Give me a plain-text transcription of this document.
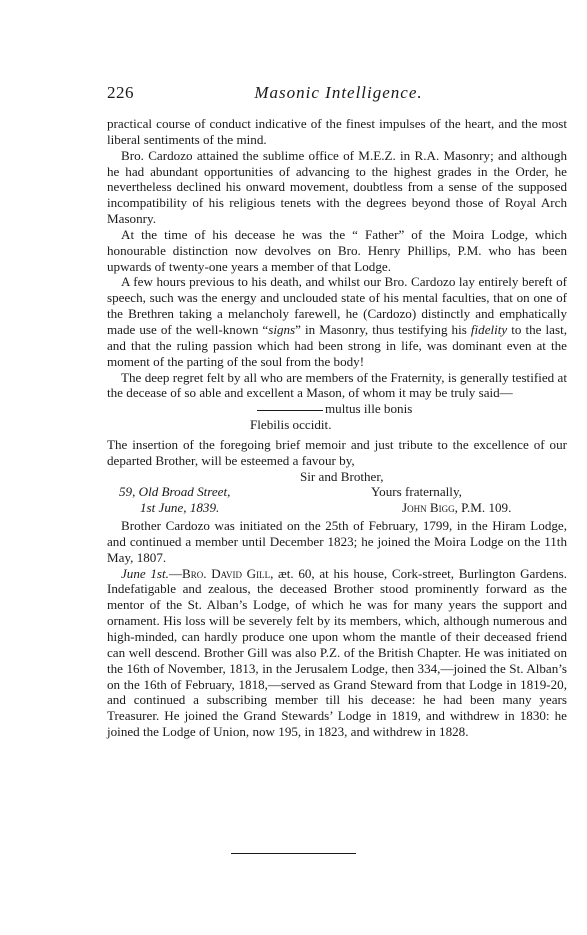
226	Masonic Intelligence.

practical course of conduct indicative of the finest impulses of the heart, and the most liberal sentiments of the mind.

Bro. Cardozo attained the sublime office of M.E.Z. in R.A. Masonry; and although he had abundant opportunities of advancing to the highest grades in the Order, he nevertheless declined his onward movement, doubtless from a sense of the supposed incompatibility of his religious tenets with the degrees beyond those of Royal Arch Masonry.

At the time of his decease he was the “ Father” of the Moira Lodge, which honourable distinction now devolves on Bro. Henry Phillips, P.M. who has been upwards of twenty-one years a member of that Lodge.

A few hours previous to his death, and whilst our Bro. Cardozo lay entirely bereft of speech, such was the energy and unclouded state of his mental faculties, that on one of the Brethren taking a melancholy farewell, he (Cardozo) distinctly and emphatically made use of the well-known “signs” in Masonry, thus testifying his fidelity to the last, and that the ruling passion which had been strong in life, was dominant even at the moment of the parting of the soul from the body!

The deep regret felt by all who are members of the Fraternity, is generally testified at the decease of so able and excellent a Mason, of whom it may be truly said—

multus ille bonis
Flebilis occidit.

The insertion of the foregoing brief memoir and just tribute to the excellence of our departed Brother, will be esteemed a favour by,

Sir and Brother,
59, Old Broad Street,	Yours fraternally,
1st June, 1839.	John Bigg, P.M. 109.

Brother Cardozo was initiated on the 25th of February, 1799, in the Hiram Lodge, and continued a member until December 1823; he joined the Moira Lodge on the 11th May, 1807.

June 1st.—Bro. David Gill, æt. 60, at his house, Cork-street, Burlington Gardens. Indefatigable and zealous, the deceased Brother stood prominently forward as the mentor of the St. Alban’s Lodge, of which he was for many years the support and ornament. His loss will be severely felt by its members, which, although numerous and high-minded, can hardly produce one upon whom the mantle of their deceased friend can well descend. Brother Gill was also P.Z. of the British Chapter. He was initiated on the 16th of November, 1813, in the Jerusalem Lodge, then 334,—joined the St. Alban’s on the 16th of February, 1818,—served as Grand Steward from that Lodge in 1819-20, and continued a subscribing member till his decease: he had been many years Treasurer. He joined the Grand Stewards’ Lodge in 1819, and withdrew in 1830: he joined the Lodge of Union, now 195, in 1823, and withdrew in 1828.
